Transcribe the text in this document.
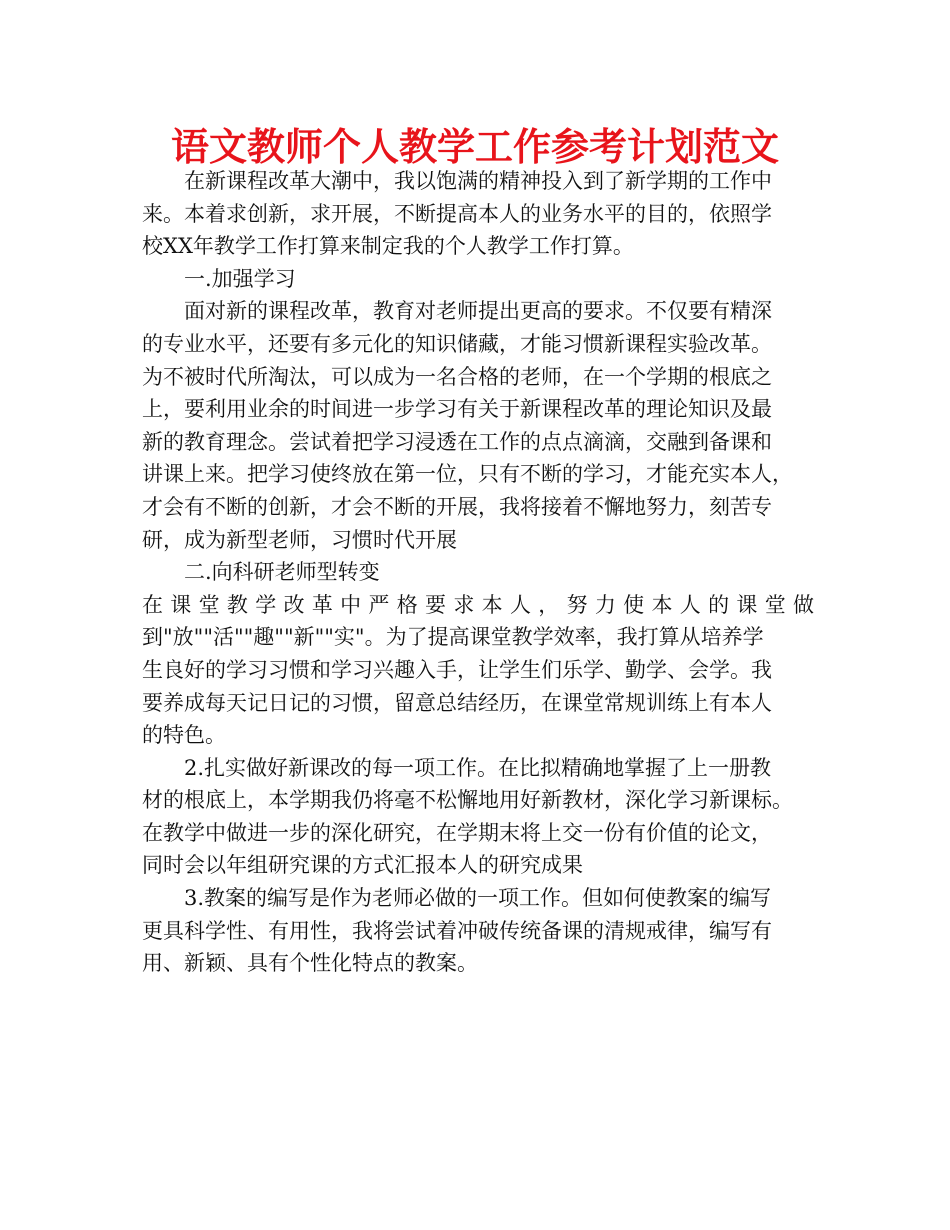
语文教师个人教学工作参考计划范文
在新课程改革大潮中，我以饱满的精神投入到了新学期的工作中
来。本着求创新，求开展，不断提高本人的业务水平的目的，依照学
校XX年教学工作打算来制定我的个人教学工作打算。
一.加强学习
面对新的课程改革，教育对老师提出更高的要求。不仅要有精深
的专业水平，还要有多元化的知识储藏，才能习惯新课程实验改革。
为不被时代所淘汰，可以成为一名合格的老师，在一个学期的根底之
上，要利用业余的时间进一步学习有关于新课程改革的理论知识及最
新的教育理念。尝试着把学习浸透在工作的点点滴滴，交融到备课和
讲课上来。把学习使终放在第一位，只有不断的学习，才能充实本人，
才会有不断的创新，才会不断的开展，我将接着不懈地努力，刻苦专
研，成为新型老师，习惯时代开展
二.向科研老师型转变
在课堂教学改革中严格要求本人，努力使本人的课堂做
到"放""活""趣""新""实"。为了提高课堂教学效率，我打算从培养学
生良好的学习习惯和学习兴趣入手，让学生们乐学、勤学、会学。我
要养成每天记日记的习惯，留意总结经历，在课堂常规训练上有本人
的特色。
2.扎实做好新课改的每一项工作。在比拟精确地掌握了上一册教
材的根底上，本学期我仍将毫不松懈地用好新教材，深化学习新课标。
在教学中做进一步的深化研究，在学期末将上交一份有价值的论文，
同时会以年组研究课的方式汇报本人的研究成果
3.教案的编写是作为老师必做的一项工作。但如何使教案的编写
更具科学性、有用性，我将尝试着冲破传统备课的清规戒律，编写有
用、新颖、具有个性化特点的教案。
